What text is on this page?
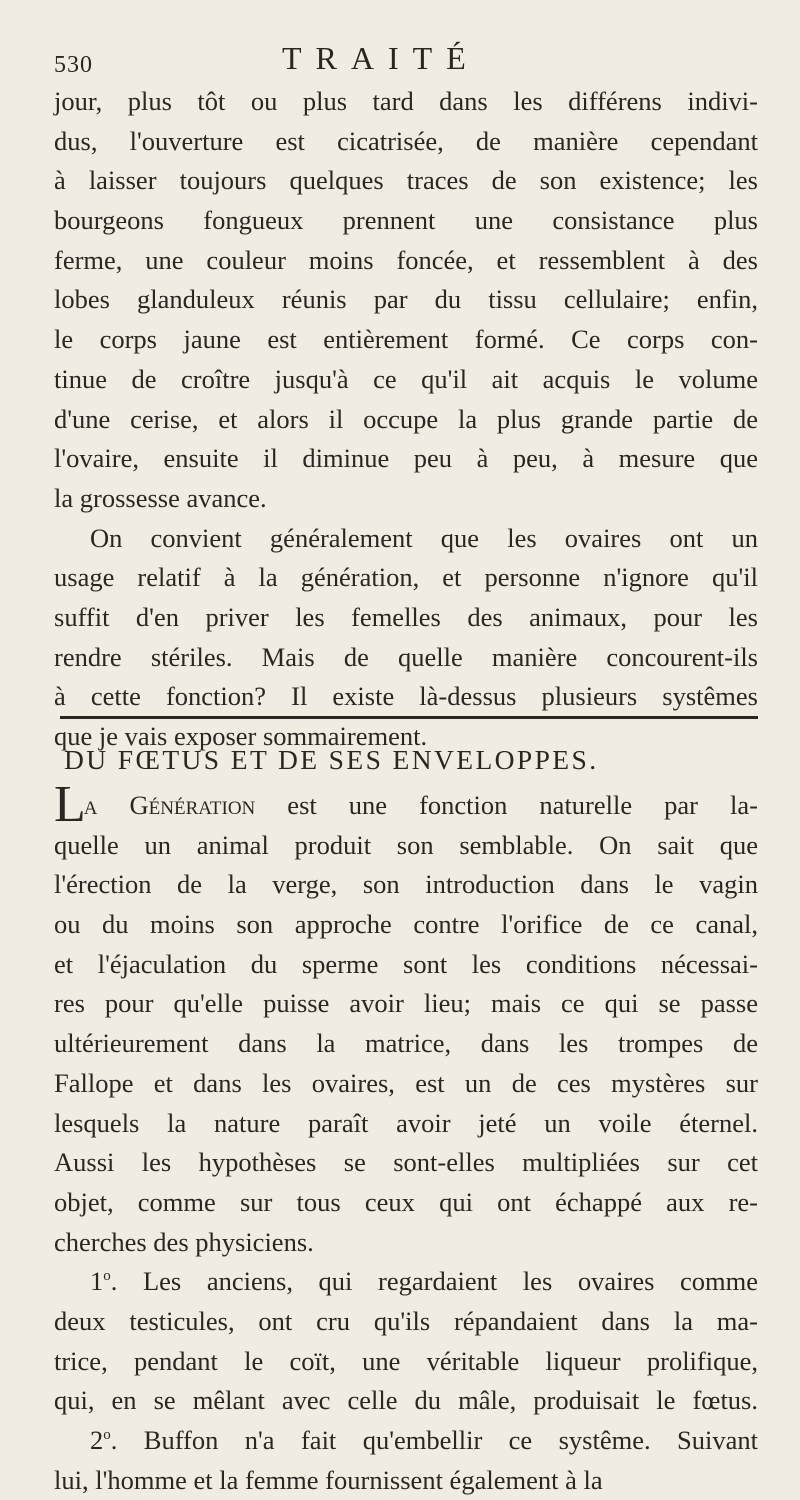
530	TRAITÉ
jour, plus tôt ou plus tard dans les différens indivi-
dus, l'ouverture est cicatrisée, de manière cependant
à laisser toujours quelques traces de son existence; les
bourgeons fongueux prennent une consistance plus
ferme, une couleur moins foncée, et ressemblent à des
lobes glanduleux réunis par du tissu cellulaire; enfin,
le corps jaune est entièrement formé. Ce corps con-
tinue de croître jusqu'à ce qu'il ait acquis le volume
d'une cerise, et alors il occupe la plus grande partie de
l'ovaire, ensuite il diminue peu à peu, à mesure que
la grossesse avance.
On convient généralement que les ovaires ont un
usage relatif à la génération, et personne n'ignore qu'il
suffit d'en priver les femelles des animaux, pour les
rendre stériles. Mais de quelle manière concourent-ils
à cette fonction? Il existe là-dessus plusieurs systêmes
que je vais exposer sommairement.
DU FŒTUS ET DE SES ENVELOPPES.
La Génération est une fonction naturelle par la-
quelle un animal produit son semblable. On sait que
l'érection de la verge, son introduction dans le vagin
ou du moins son approche contre l'orifice de ce canal,
et l'éjaculation du sperme sont les conditions nécessai-
res pour qu'elle puisse avoir lieu; mais ce qui se passe
ultérieurement dans la matrice, dans les trompes de
Fallope et dans les ovaires, est un de ces mystères sur
lesquels la nature paraît avoir jeté un voile éternel.
Aussi les hypothèses se sont-elles multipliées sur cet
objet, comme sur tous ceux qui ont échappé aux re-
cherches des physiciens.
1$^o$. Les anciens, qui regardaient les ovaires comme
deux testicules, ont cru qu'ils répandaient dans la ma-
trice, pendant le coït, une véritable liqueur prolifique,
qui, en se mêlant avec celle du mâle, produisait le fœtus.
2$^o$. Buffon n'a fait qu'embellir ce systême. Suivant
lui, l'homme et la femme fournissent également à la
